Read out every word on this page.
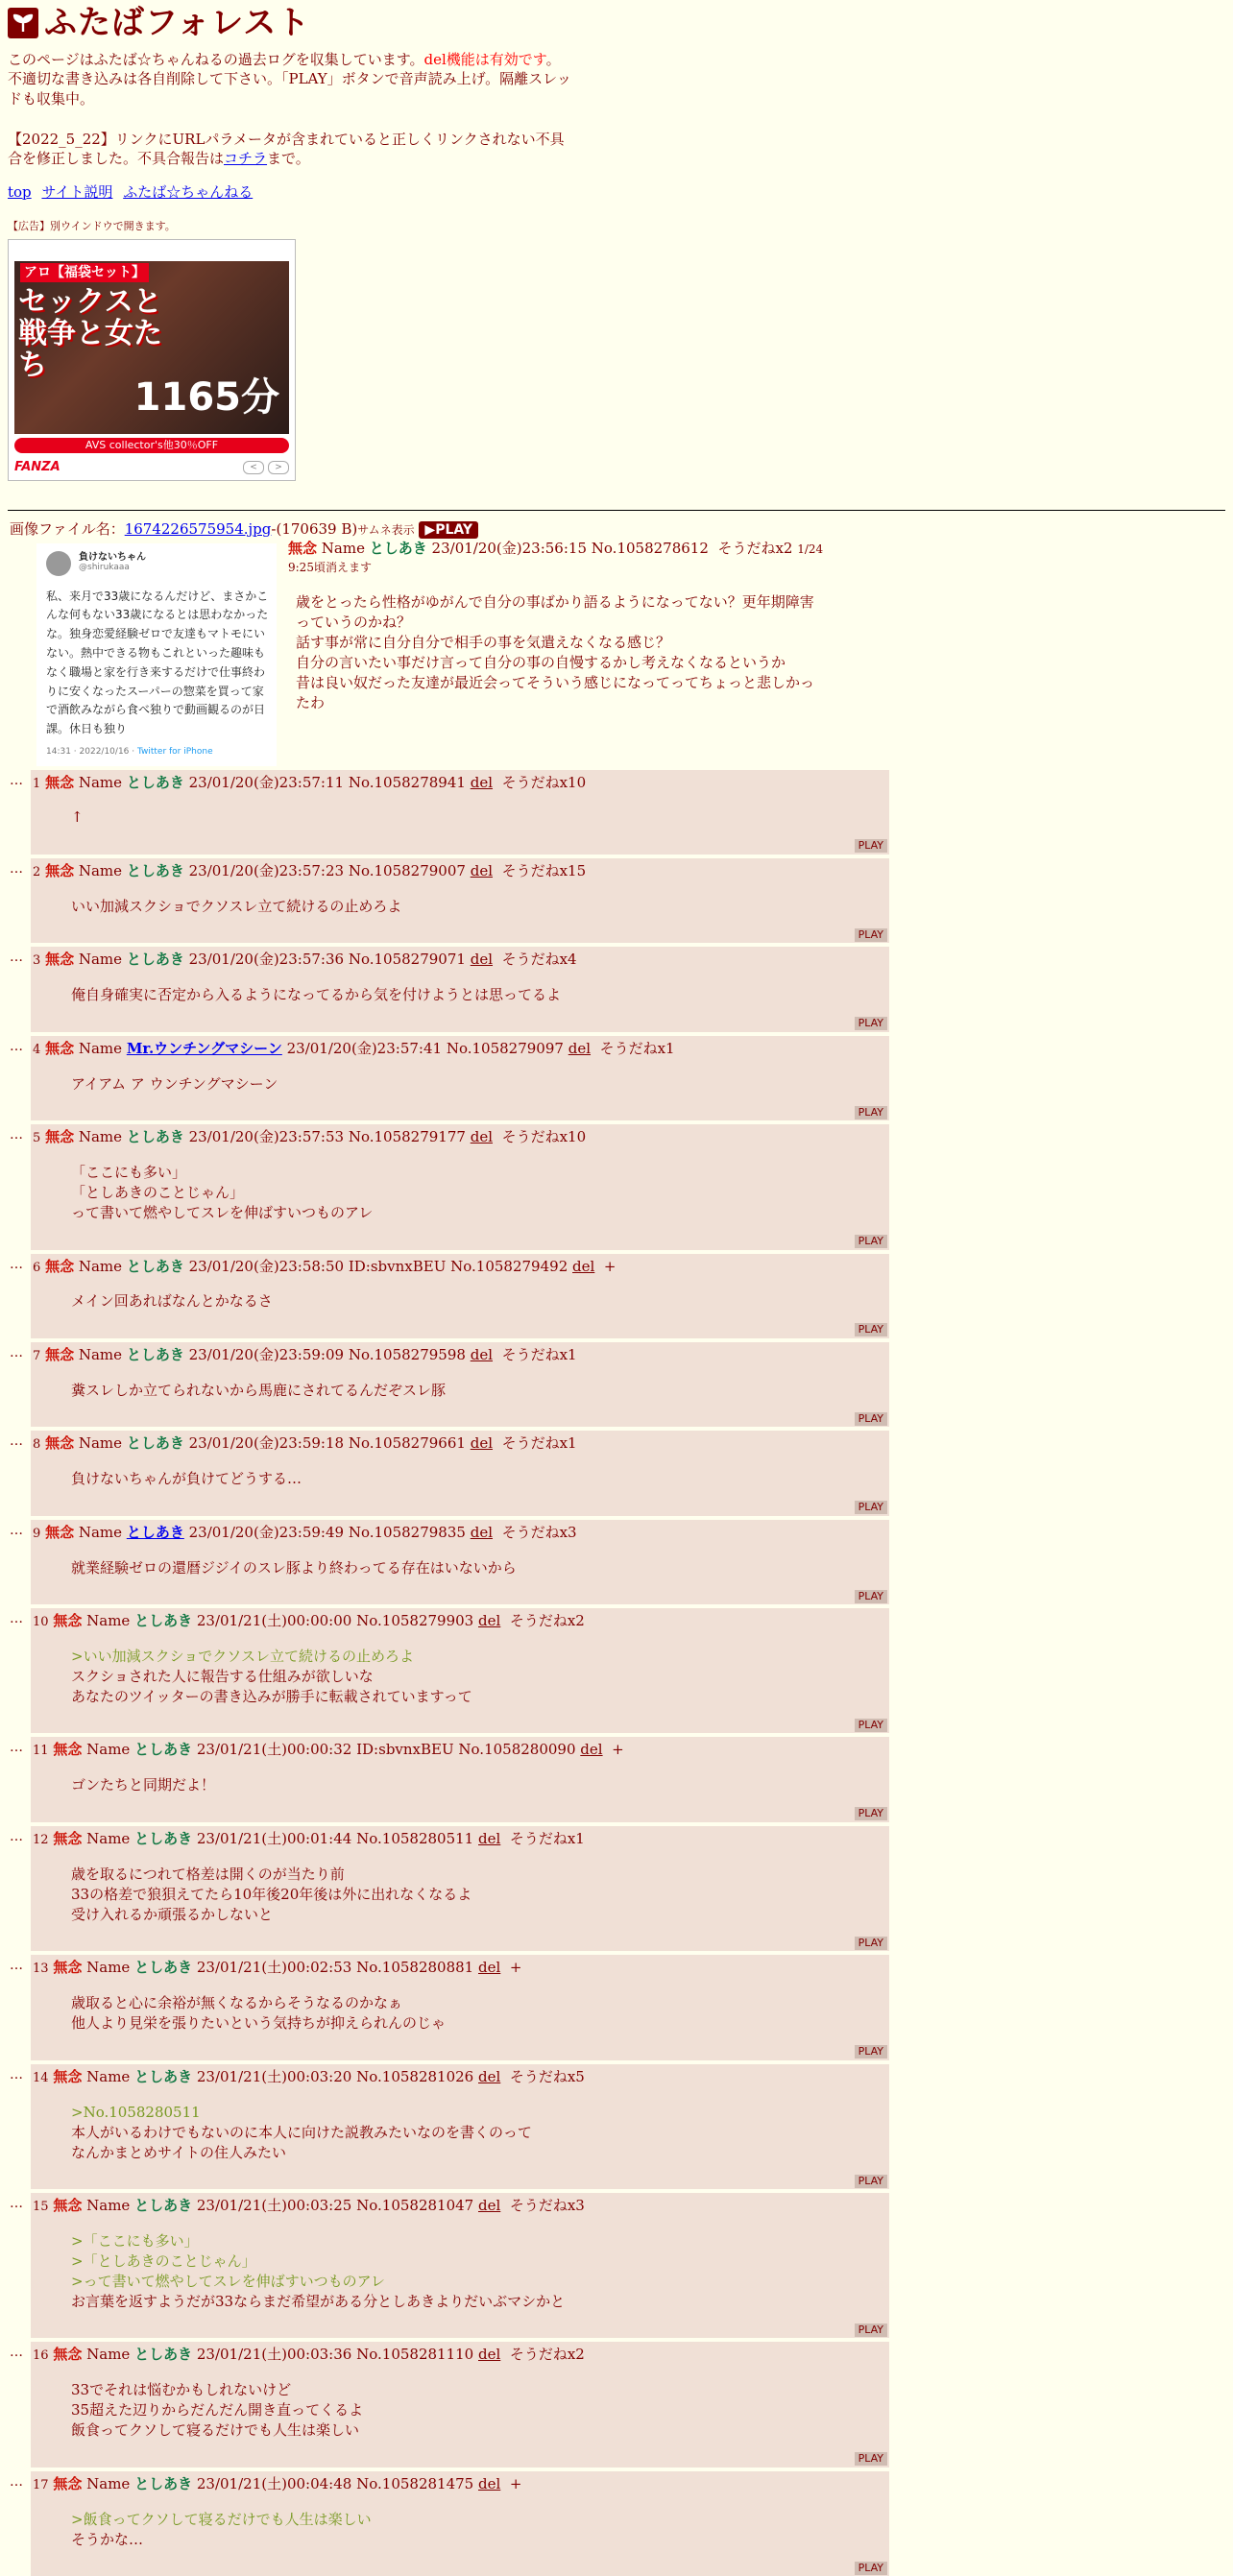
ふたばフォレスト
このページはふたば☆ちゃんねるの過去ログを収集しています。del機能は有効です。不適切な書き込みは各自削除して下さい。「PLAY」ボタンで音声読み上げ。隔離スレッドも収集中。
【2022_5_22】リンクにURLパラメータが含まれていると正しくリンクされない不具合を修正しました。不具合報告はコチラまで。
top サイト説明 ふたば☆ちゃんねる
【広告】別ウインドウで開きます。
アロ【福袋セット】
セックスと戦争と女たち
1165分
AVS collector's他30％OFF
FANZA	<	>
画像ファイル名：1674226575954.jpg-(170639 B)サムネ表示 ▶PLAY
負けないちゃん
@shirukaaa
私、来月で33歳になるんだけど、まさかこんな何もない33歳になるとは思わなかったな。独身恋愛経験ゼロで友達もマトモにいない。熱中できる物もこれといった趣味もなく職場と家を行き来するだけで仕事終わりに安くなったスーパーの惣菜を買って家で酒飲みながら食べ独りで動画観るのが日課。休日も独り
14:31 · 2022/10/16 · Twitter for iPhone
無念 Name としあき 23/01/20(金)23:56:15 No.1058278612 そうだねx2 1/24 9:25頃消えます
歳をとったら性格がゆがんで自分の事ばかり語るようになってない？更年期障害っていうのかね？
話す事が常に自分自分で相手の事を気遣えなくなる感じ？
自分の言いたい事だけ言って自分の事の自慢するかし考えなくなるというか
昔は良い奴だった友達が最近会ってそういう感じになってってちょっと悲しかったわ
… 1 無念 Name としあき 23/01/20(金)23:57:11 No.1058278941 del そうだねx10
↑
PLAY
… 2 無念 Name としあき 23/01/20(金)23:57:23 No.1058279007 del そうだねx15
いい加減スクショでクソスレ立て続けるの止めろよ
PLAY
… 3 無念 Name としあき 23/01/20(金)23:57:36 No.1058279071 del そうだねx4
俺自身確実に否定から入るようになってるから気を付けようとは思ってるよ
PLAY
… 4 無念 Name Mr.ウンチングマシーン 23/01/20(金)23:57:41 No.1058279097 del そうだねx1
アイアム ア ウンチングマシーン
PLAY
… 5 無念 Name としあき 23/01/20(金)23:57:53 No.1058279177 del そうだねx10
「ここにも多い」
「としあきのことじゃん」
って書いて燃やしてスレを伸ばすいつものアレ
PLAY
… 6 無念 Name としあき 23/01/20(金)23:58:50 ID:sbvnxBEU No.1058279492 del +
メイン回あればなんとかなるさ
PLAY
… 7 無念 Name としあき 23/01/20(金)23:59:09 No.1058279598 del そうだねx1
糞スレしか立てられないから馬鹿にされてるんだぞスレ豚
PLAY
… 8 無念 Name としあき 23/01/20(金)23:59:18 No.1058279661 del そうだねx1
負けないちゃんが負けてどうする…
PLAY
… 9 無念 Name としあき 23/01/20(金)23:59:49 No.1058279835 del そうだねx3
就業経験ゼロの還暦ジジイのスレ豚より終わってる存在はいないから
PLAY
… 10 無念 Name としあき 23/01/21(土)00:00:00 No.1058279903 del そうだねx2
>いい加減スクショでクソスレ立て続けるの止めろよ
スクショされた人に報告する仕組みが欲しいな
あなたのツイッターの書き込みが勝手に転載されていますって
PLAY
… 11 無念 Name としあき 23/01/21(土)00:00:32 ID:sbvnxBEU No.1058280090 del +
ゴンたちと同期だよ！
PLAY
… 12 無念 Name としあき 23/01/21(土)00:01:44 No.1058280511 del そうだねx1
歳を取るにつれて格差は開くのが当たり前
33の格差で狼狽えてたら10年後20年後は外に出れなくなるよ
受け入れるか頑張るかしないと
PLAY
… 13 無念 Name としあき 23/01/21(土)00:02:53 No.1058280881 del +
歳取ると心に余裕が無くなるからそうなるのかなぁ
他人より見栄を張りたいという気持ちが抑えられんのじゃ
PLAY
… 14 無念 Name としあき 23/01/21(土)00:03:20 No.1058281026 del そうだねx5
>No.1058280511
本人がいるわけでもないのに本人に向けた説教みたいなのを書くのって
なんかまとめサイトの住人みたい
PLAY
… 15 無念 Name としあき 23/01/21(土)00:03:25 No.1058281047 del そうだねx3
>「ここにも多い」
>「としあきのことじゃん」
>って書いて燃やしてスレを伸ばすいつものアレ
お言葉を返すようだが33ならまだ希望がある分としあきよりだいぶマシかと
PLAY
… 16 無念 Name としあき 23/01/21(土)00:03:36 No.1058281110 del そうだねx2
33でそれは悩むかもしれないけど
35超えた辺りからだんだん開き直ってくるよ
飯食ってクソして寝るだけでも人生は楽しい
PLAY
… 17 無念 Name としあき 23/01/21(土)00:04:48 No.1058281475 del +
>飯食ってクソして寝るだけでも人生は楽しい
そうかな…
PLAY
